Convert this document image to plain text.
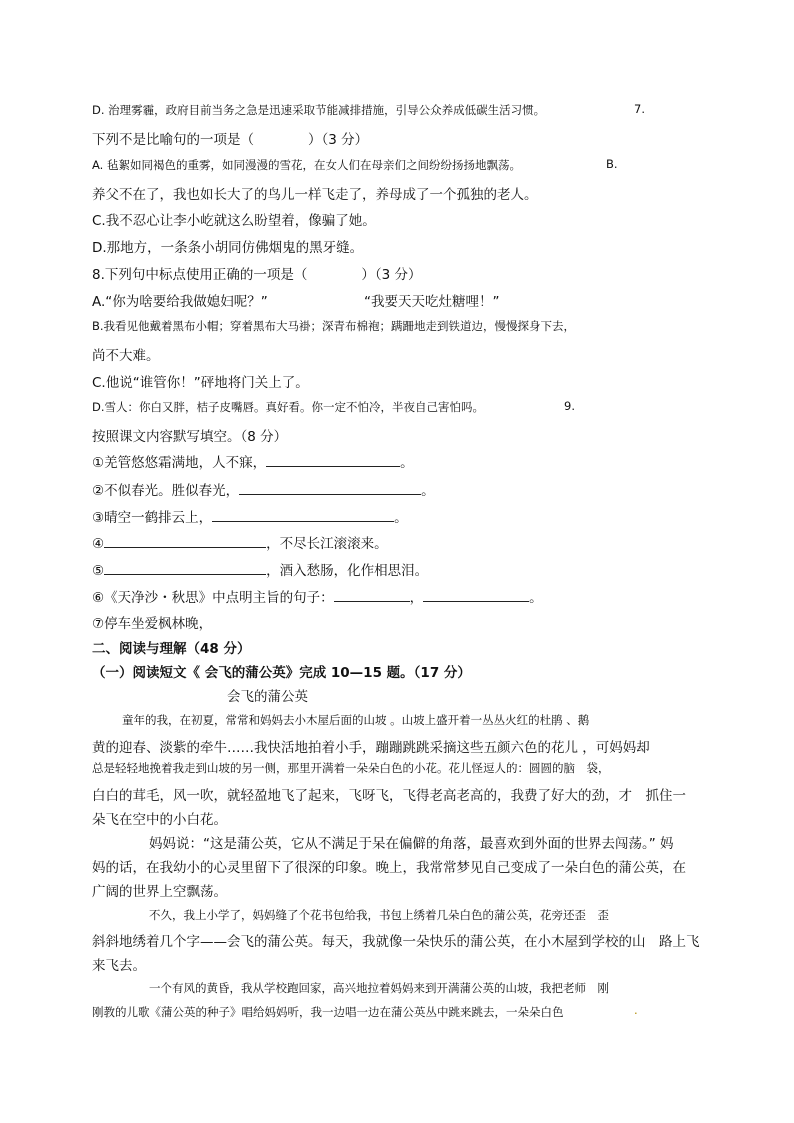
D. 治理雾霾，政府目前当务之急是迅速采取节能减排措施，引导公众养成低碳生活习惯。	7.
下列不是比喻句的一项是（　　　　）（3 分）
A. 毡絮如同褐色的重雾，如同漫漫的雪花，在女人们在母亲们之间纷纷扬扬地飘荡。	B.
养父不在了，我也如长大了的鸟儿一样飞走了，养母成了一个孤独的老人。
C.我不忍心让李小屹就这么盼望着，像骗了她。
D.那地方，一条条小胡同仿佛烟鬼的黑牙缝。
8.下列句中标点使用正确的一项是（　　　　）（3 分）
A.“你为啥要给我做媳妇呢？”	“我要天天吃灶糖哩！”
B.我看见他戴着黑布小帽；穿着黑布大马褂；深青布棉袍；蹒跚地走到铁道边，慢慢探身下去，
尚不大难。
C.他说“谁管你！”砰地将门关上了。
D.雪人：你白又胖，桔子皮嘴唇。真好看。你一定不怕冷，半夜自己害怕吗。	9.
按照课文内容默写填空。（8 分）
①羌管悠悠霜满地，人不寐，	。
②不似春光。胜似春光，	。
③晴空一鹤排云上，	。
④	，不尽长江滚滚来。
⑤	，酒入愁肠，化作相思泪。
⑥《天净沙・秋思》中点明主旨的句子：	，	。
⑦停车坐爱枫林晚，
二、阅读与理解（48 分）
（一）阅读短文《 会飞的蒲公英》完成 10—15 题。（17 分）
会飞的蒲公英
童年的我，在初夏，常常和妈妈去小木屋后面的山坡 。山坡上盛开着一丛丛火红的杜鹃 、鹅
黄的迎春、淡紫的牵牛……我快活地拍着小手，蹦蹦跳跳采摘这些五颜六色的花儿 ，可妈妈却
总是轻轻地挽着我走到山坡的另一侧，那里开满着一朵朵白色的小花。花儿怪逗人的：圆圆的脑　袋，
白白的茸毛，风一吹，就轻盈地飞了起来，飞呀飞，飞得老高老高的，我费了好大的劲，才　抓住一
朵飞在空中的小白花。
妈妈说：“这是蒲公英，它从不满足于呆在偏僻的角落，最喜欢到外面的世界去闯荡。” 妈
妈的话，在我幼小的心灵里留下了很深的印象。晚上，我常常梦见自己变成了一朵白色的蒲公英，在
广阔的世界上空飘荡。
不久，我上小学了，妈妈缝了个花书包给我，书包上绣着几朵白色的蒲公英，花旁还歪　歪
斜斜地绣着几个字——会飞的蒲公英。每天，我就像一朵快乐的蒲公英，在小木屋到学校的山　路上飞
来飞去。
一个有风的黄昏，我从学校跑回家，高兴地拉着妈妈来到开满蒲公英的山坡，我把老师　刚
刚教的儿歌《蒲公英的种子》唱给妈妈听，我一边唱一边在蒲公英丛中跳来跳去，一朵朵白色	.
